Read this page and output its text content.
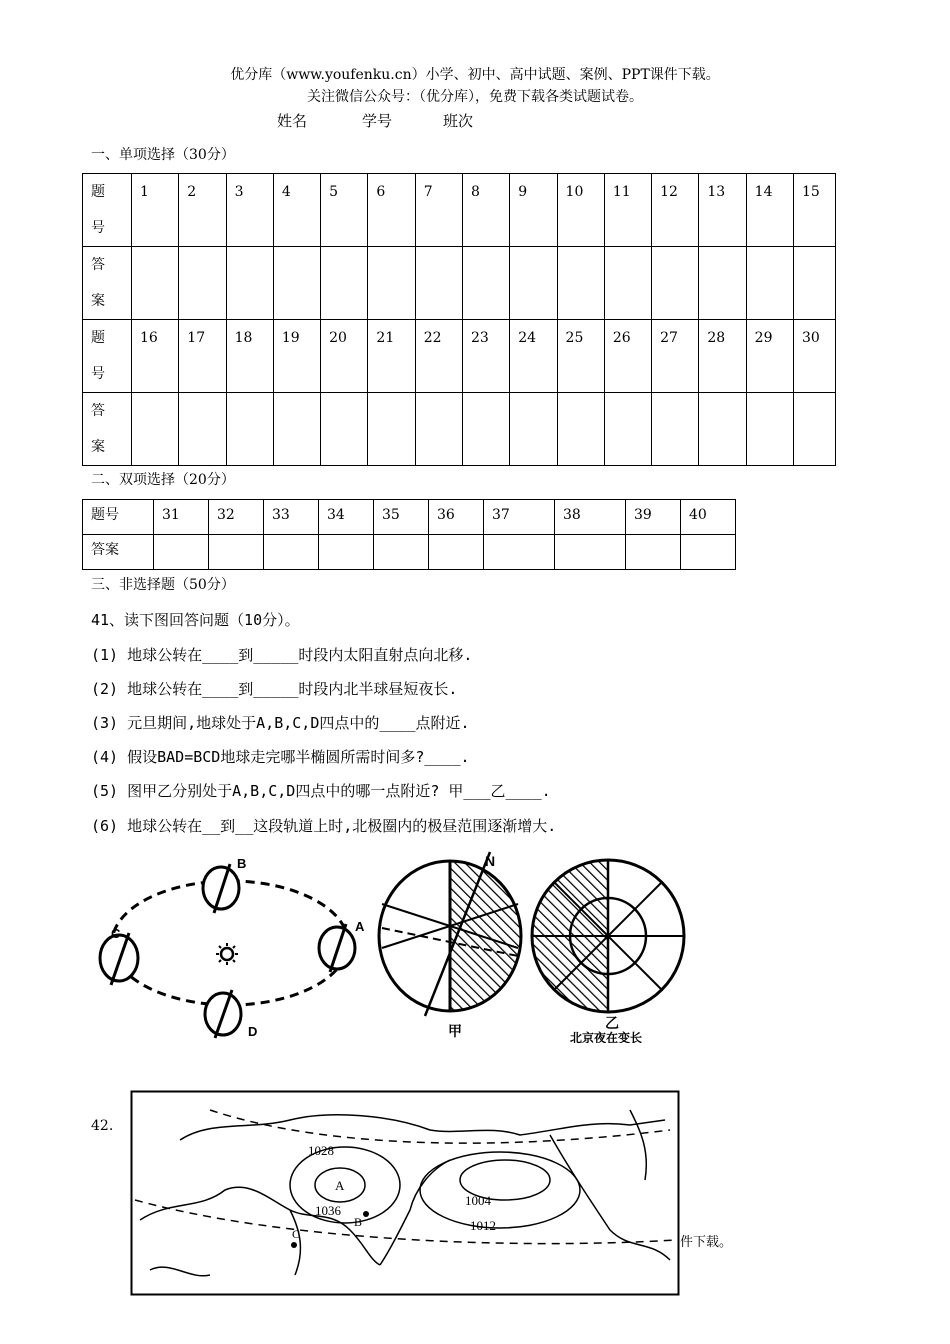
优分库（www.youfenku.cn）小学、初中、高中试题、案例、PPT课件下载。
关注微信公众号：（优分库），免费下载各类试题试卷。
姓名	学号	班次
一、单项选择（30分）
题
号	1	2	3	4	5	6	7	8	9	10	11	12	13	14	15
答
案															
题
号	16	17	18	19	20	21	22	23	24	25	26	27	28	29	30
答
案															
二、双项选择（20分）
题号	31	32	33	34	35	36	37	38	39	40
答案										
三、非选择题（50分）
41、读下图回答问题（10分）。
(1) 地球公转在____到_____时段内太阳直射点向北移.
(2) 地球公转在____到_____时段内北半球昼短夜长.
(3) 元旦期间,地球处于A,B,C,D四点中的____点附近.
(4) 假设BAD=BCD地球走完哪半椭圆所需时间多?____.
(5) 图甲乙分别处于A,B,C,D四点中的哪一点附近? 甲___乙____.
(6) 地球公转在__到__这段轨道上时,北极圈内的极昼范围逐渐增大.
B
A
C
D
N
甲	乙
北京夜在变长
42.
件下载。
1028
1036
1004
1012
A
B
C
